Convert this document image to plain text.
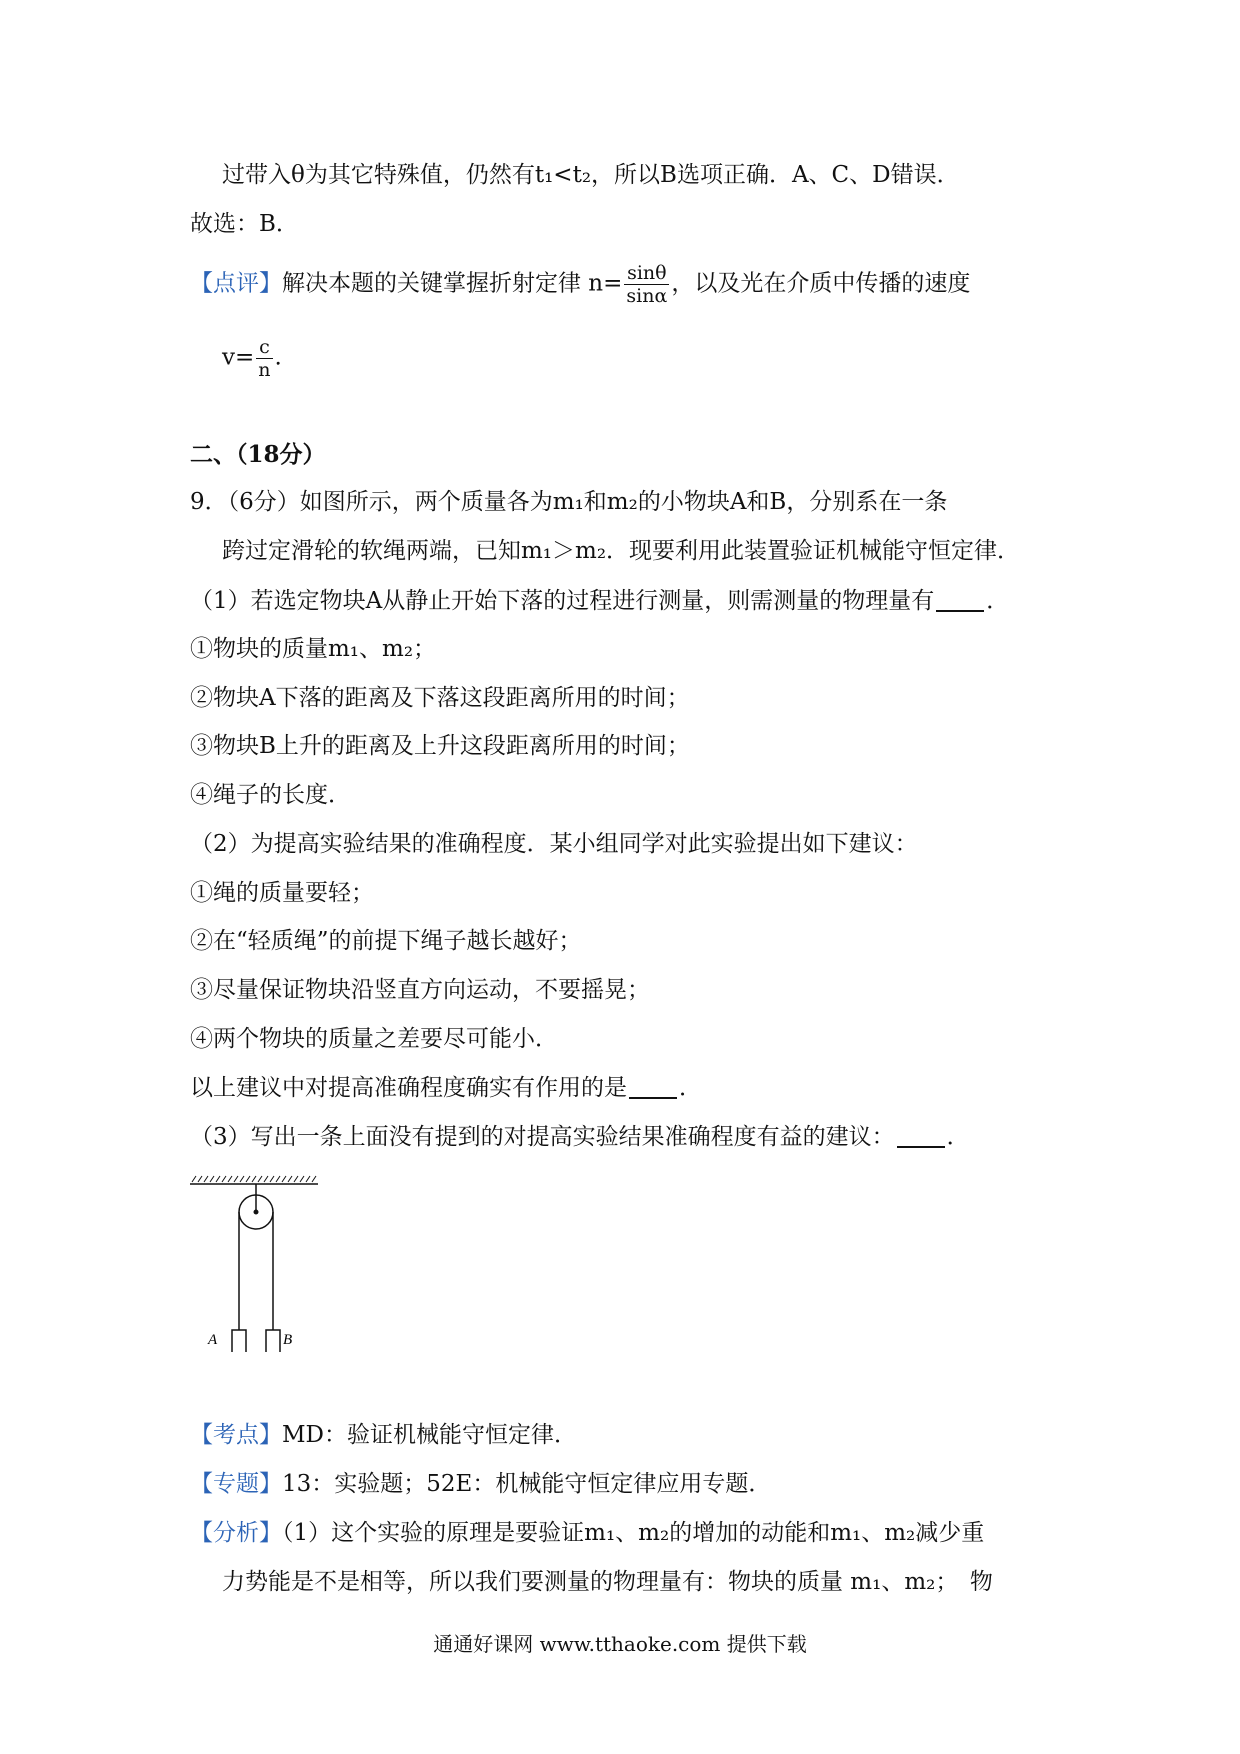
过带入θ为其它特殊值，仍然有t₁<t₂，所以B选项正确．A、C、D错误．
故选：B．
【点评】解决本题的关键掌握折射定律 $n= \frac{\sin\theta}{\sin\alpha}$ ，以及光在介质中传播的速度
$v= \frac{c}{n}$ .
二、（18分）
9．（6分）如图所示，两个质量各为m₁和m₂的小物块A和B，分别系在一条
跨过定滑轮的软绳两端，已知m₁＞m₂．现要利用此装置验证机械能守恒定律．
（1）若选定物块A从静止开始下落的过程进行测量，则需测量的物理量有 ．
①物块的质量m₁、m₂；
②物块A下落的距离及下落这段距离所用的时间；
③物块B上升的距离及上升这段距离所用的时间；
④绳子的长度．
（2）为提高实验结果的准确程度．某小组同学对此实验提出如下建议：
①绳的质量要轻；
②在“轻质绳”的前提下绳子越长越好；
③尽量保证物块沿竖直方向运动，不要摇晃；
④两个物块的质量之差要尽可能小．
以上建议中对提高准确程度确实有作用的是 ．
（3）写出一条上面没有提到的对提高实验结果准确程度有益的建议： ．
A	B
【考点】MD：验证机械能守恒定律．
【专题】13：实验题；52E：机械能守恒定律应用专题．
【分析】（1）这个实验的原理是要验证m₁、m₂的增加的动能和m₁、m₂减少重
力势能是不是相等，所以我们要测量的物理量有：物块的质量 m₁、m₂；　物
通通好课网 www.tthaoke.com 提供下载
